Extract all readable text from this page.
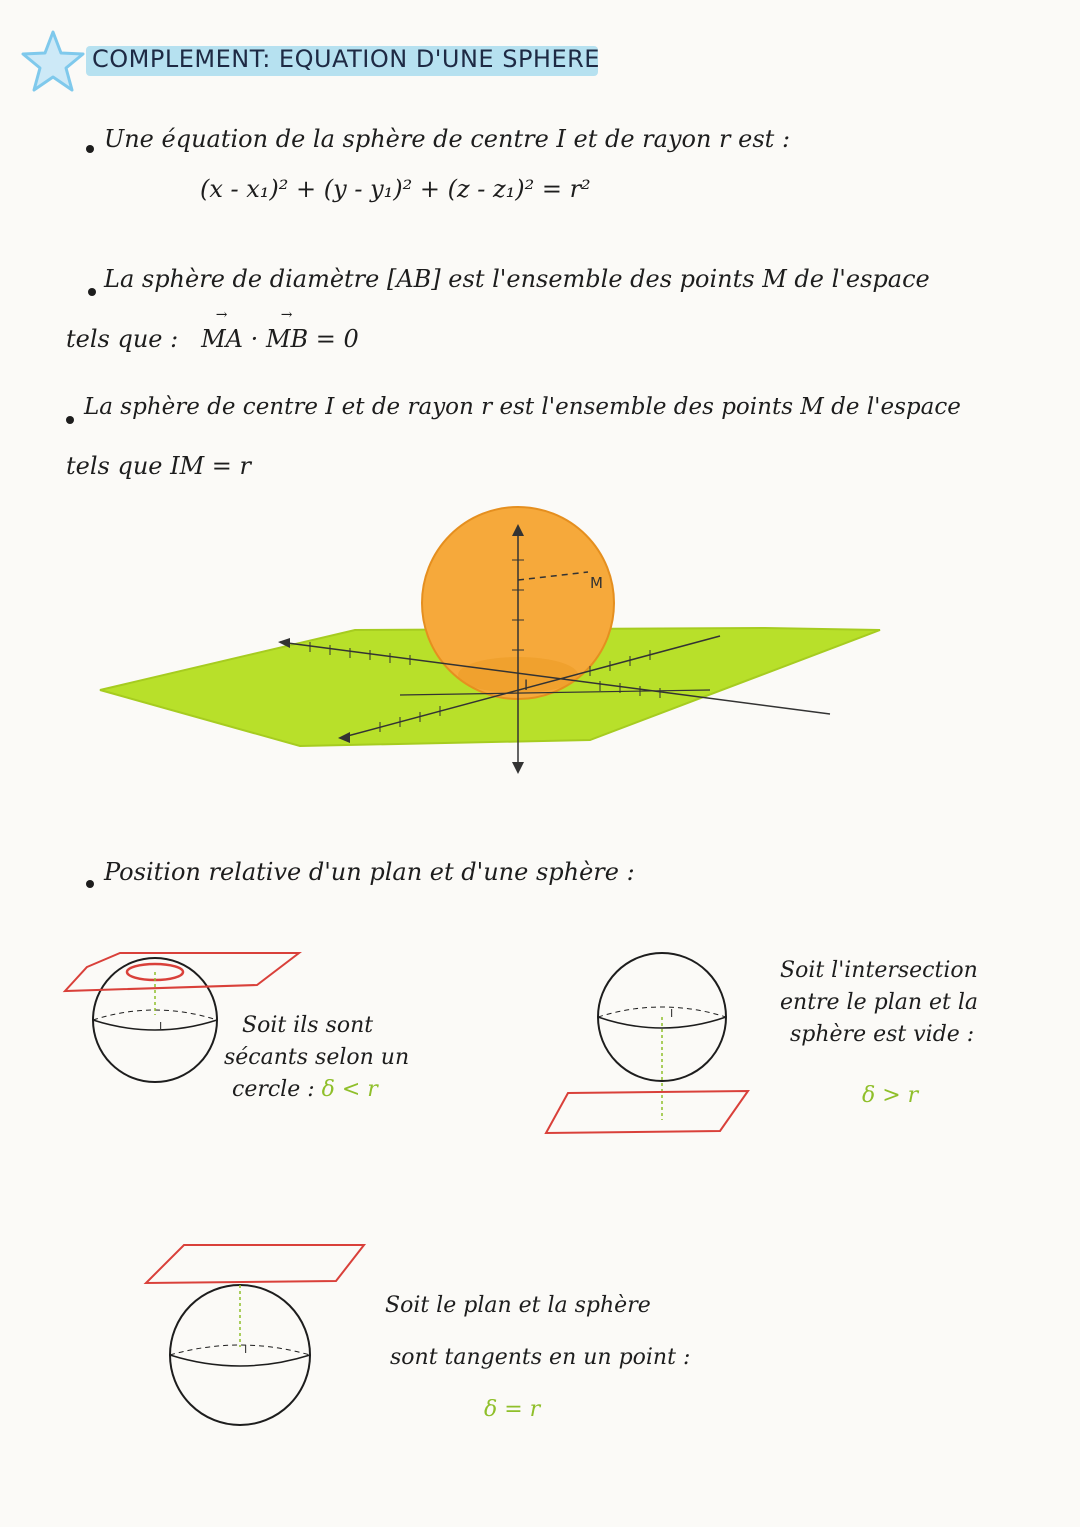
COMPLEMENT: EQUATION D'UNE SPHERE
Une équation de la sphère de centre I et de rayon r est :
(x - x₁)² + (y - y₁)² + (z - z₁)² = r²
La sphère de diamètre [AB] est l'ensemble des points M de l'espace
tels que : → MA · → MB = 0
La sphère de centre I et de rayon r est l'ensemble des points M de l'espace
tels que IM = r
M
I
Position relative d'un plan et d'une sphère :
I	Soit ils sont
sécants selon un
cercle : δ < r
I
Soit l'intersection
entre le plan et la
sphère est vide :
δ > r
I
Soit le plan et la sphère
sont tangents en un point :
δ = r
